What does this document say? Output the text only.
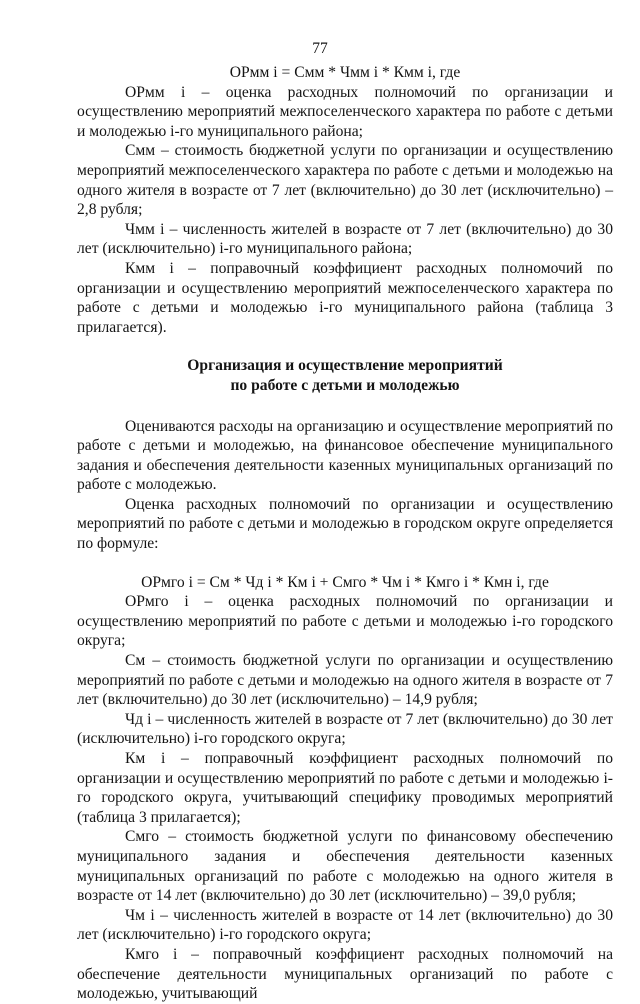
77

ОРмм i = Смм * Чмм i * Кмм i, где

ОРмм i – оценка расходных полномочий по организации и осуществлению мероприятий межпоселенческого характера по работе с детьми и молодежью i-го муниципального района;

Смм – стоимость бюджетной услуги по организации и осуществлению мероприятий межпоселенческого характера по работе с детьми и молодежью на одного жителя в возрасте от 7 лет (включительно) до 30 лет (исключительно) – 2,8 рубля;

Чмм i – численность жителей в возрасте от 7 лет (включительно) до 30 лет (исключительно) i-го муниципального района;

Кмм i – поправочный коэффициент расходных полномочий по организации и осуществлению мероприятий межпоселенческого характера по работе с детьми и молодежью i-го муниципального района (таблица 3 прилагается).

Организация и осуществление мероприятий

по работе с детьми и молодежью

Оцениваются расходы на организацию и осуществление мероприятий по работе с детьми и молодежью, на финансовое обеспечение муниципального задания и обеспечения деятельности казенных муниципальных организаций по работе с молодежью.

Оценка расходных полномочий по организации и осуществлению мероприятий по работе с детьми и молодежью в городском округе определяется по формуле:

ОРмго i = См * Чд i * Км i + Смго * Чм i * Кмго i * Кмн i, где

ОРмго i – оценка расходных полномочий по организации и осуществлению мероприятий по работе с детьми и молодежью i-го городского округа;

См – стоимость бюджетной услуги по организации и осуществлению мероприятий по работе с детьми и молодежью на одного жителя в возрасте от 7 лет (включительно) до 30 лет (исключительно) – 14,9 рубля;

Чд i – численность жителей в возрасте от 7 лет (включительно) до 30 лет (исключительно) i-го городского округа;

Км i – поправочный коэффициент расходных полномочий по организации и осуществлению мероприятий по работе с детьми и молодежью i-го городского округа, учитывающий специфику проводимых мероприятий (таблица 3 прилагается);

Смго – стоимость бюджетной услуги по финансовому обеспечению муниципального задания и обеспечения деятельности казенных муниципальных организаций по работе с молодежью на одного жителя в возрасте от 14 лет (включительно) до 30 лет (исключительно) – 39,0 рубля;

Чм i – численность жителей в возрасте от 14 лет (включительно) до 30 лет (исключительно) i-го городского округа;

Кмго i – поправочный коэффициент расходных полномочий на обеспечение деятельности муниципальных организаций по работе с молодежью, учитывающий
